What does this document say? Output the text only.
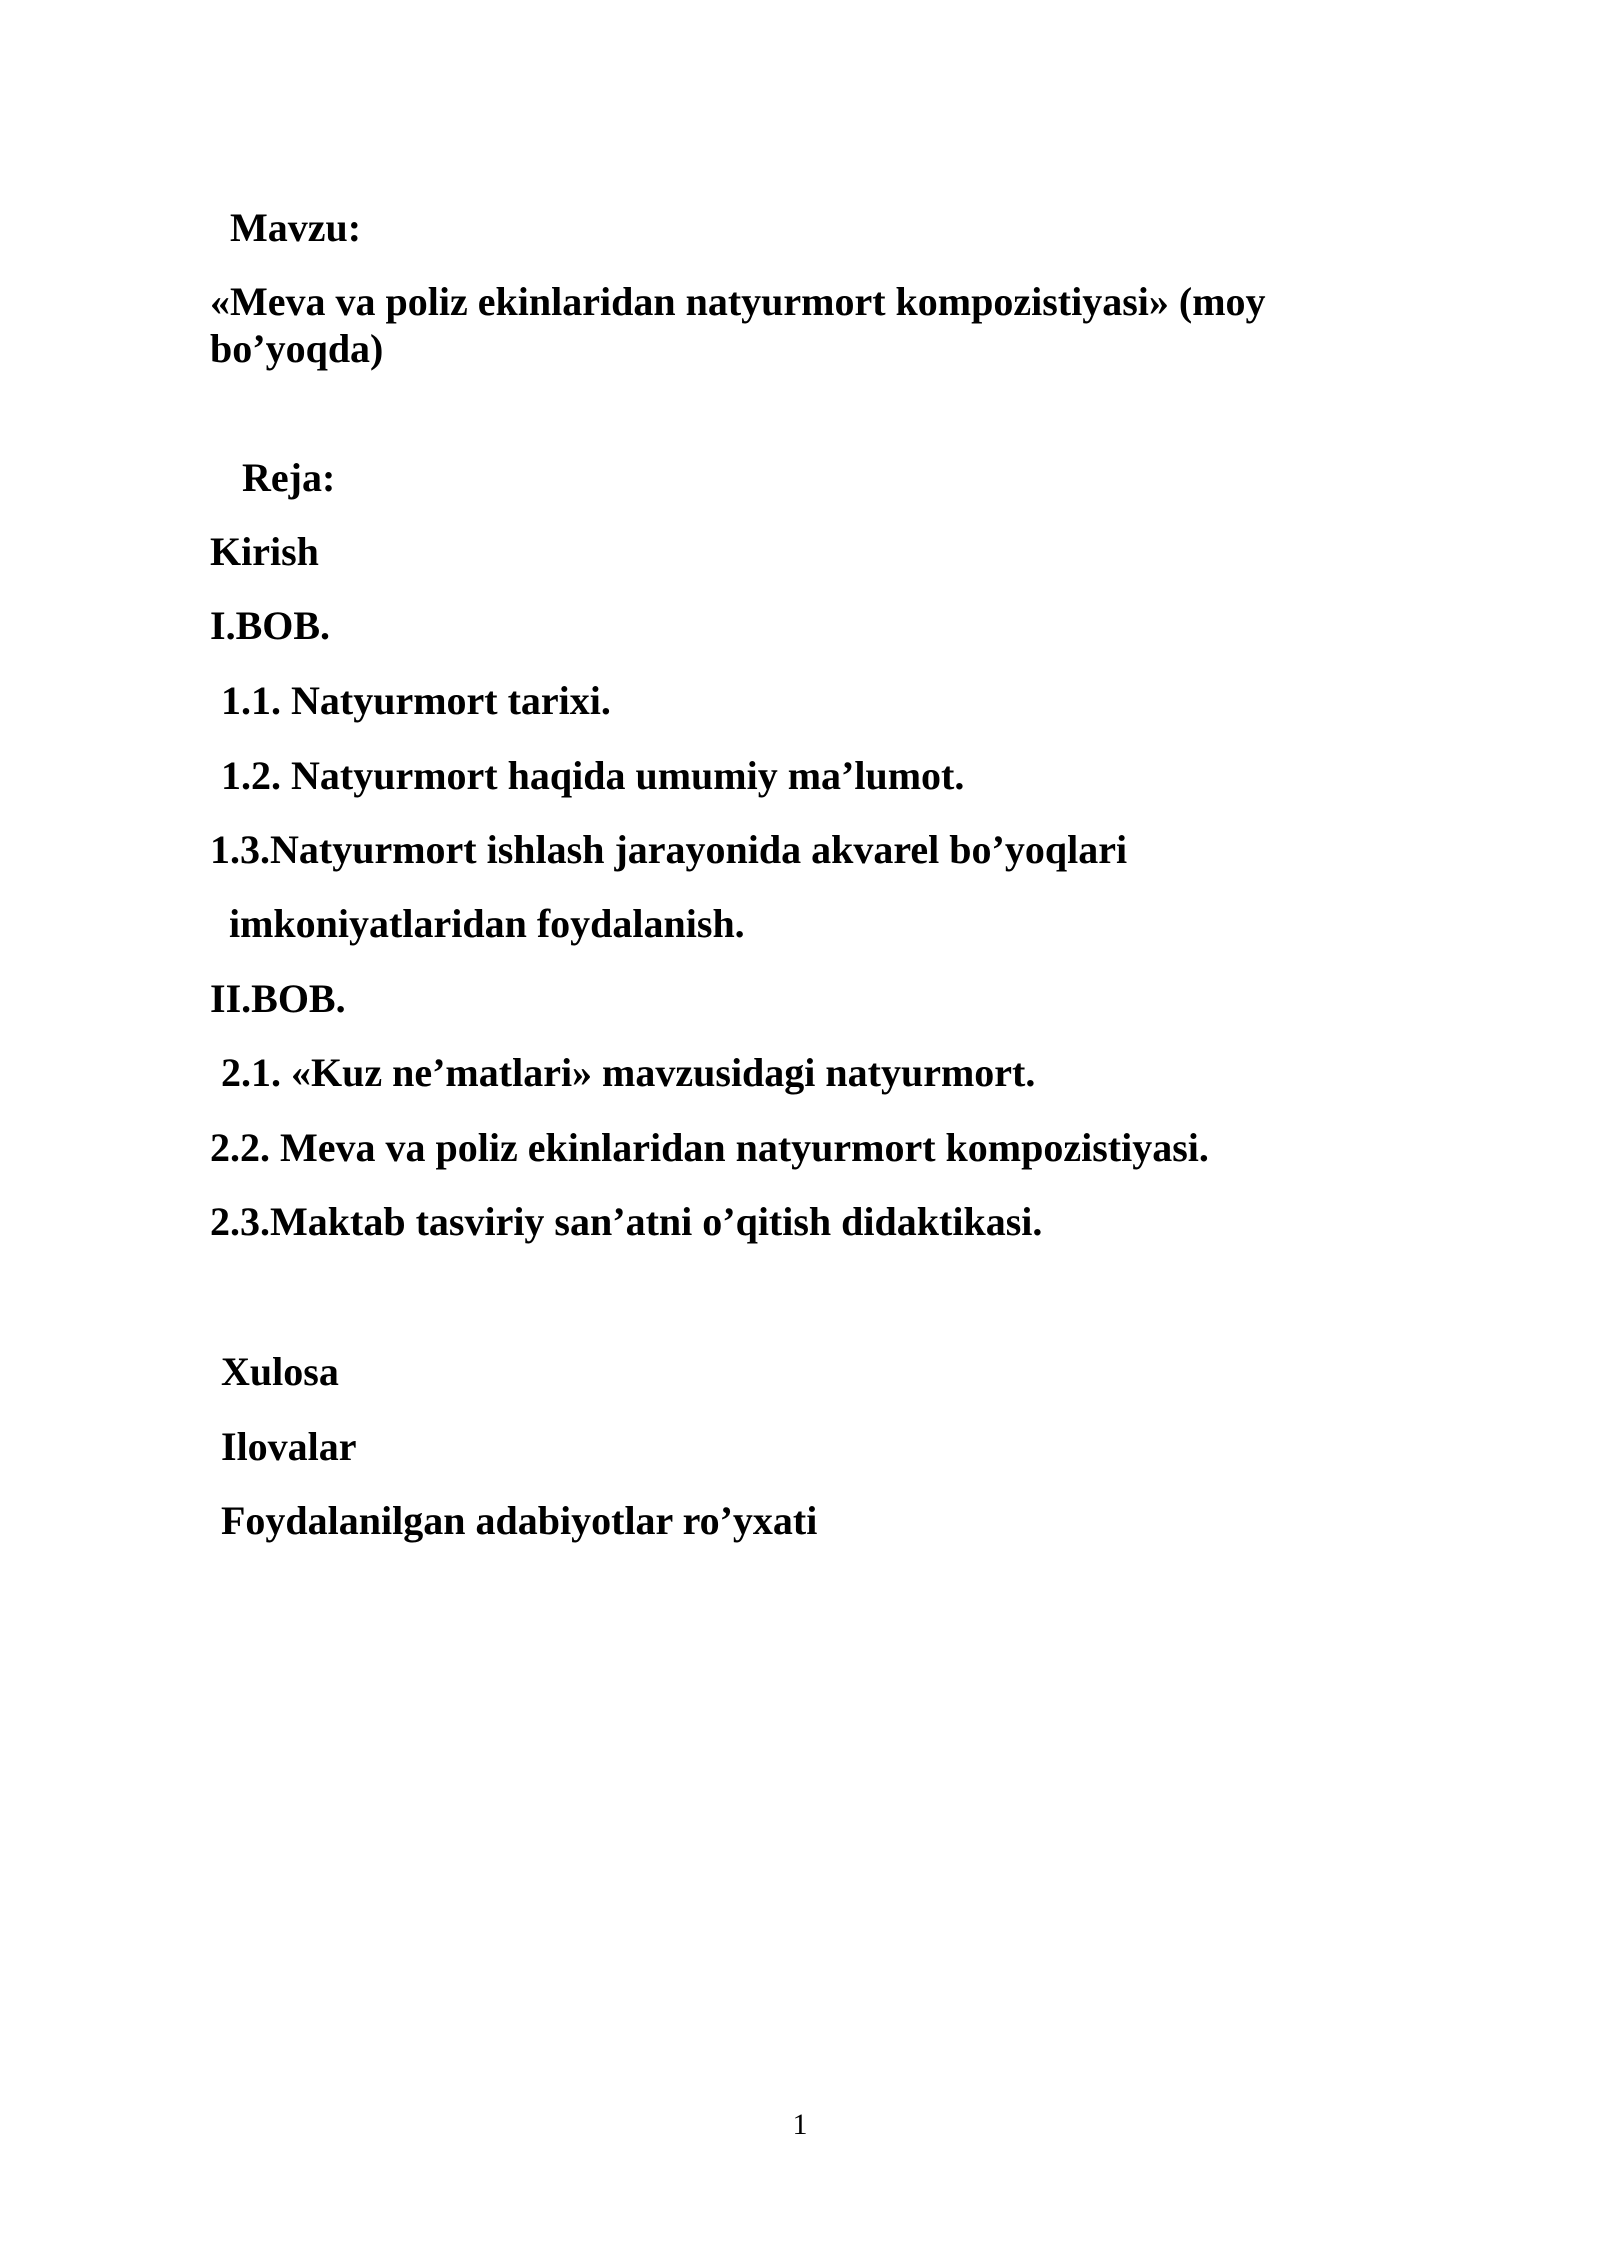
Mavzu:
«Meva va poliz ekinlaridan natyurmort kompozistiyasi» (moy bo’yoqda)
Reja:
Kirish
I.BOB.
1.1. Natyurmort tarixi.
1.2. Natyurmort haqida umumiy ma’lumot.
1.3.Natyurmort ishlash jarayonida akvarel bo’yoqlari
imkoniyatlaridan foydalanish.
II.BOB.
2.1. «Kuz ne’matlari» mavzusidagi natyurmort.
2.2. Meva va poliz ekinlaridan natyurmort kompozistiyasi.
2.3.Maktab tasviriy san’atni o’qitish didaktikasi.
Xulosa
Ilovalar
Foydalanilgan adabiyotlar ro’yxati
1
